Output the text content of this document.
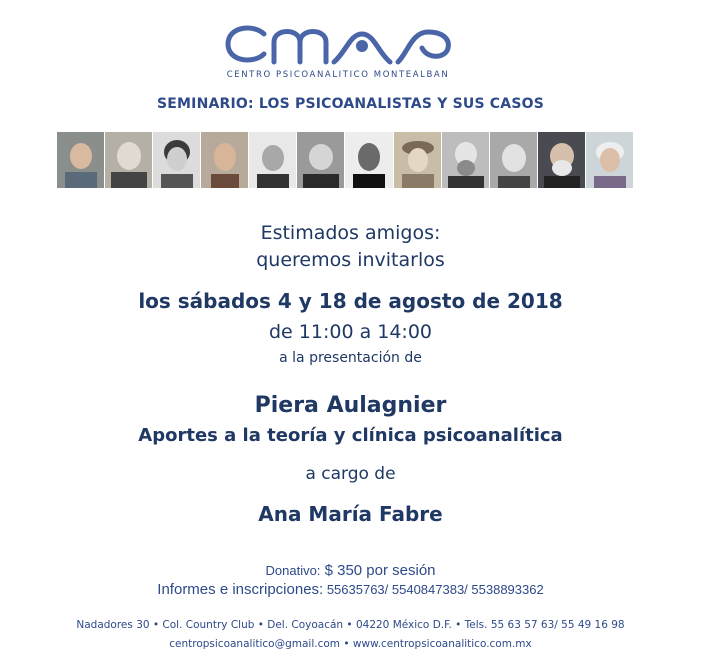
CENTRO PSICOANALITICO MONTEALBAN
SEMINARIO: LOS PSICOANALISTAS Y SUS CASOS
Estimados amigos:
queremos invitarlos
los sábados 4 y 18 de agosto de 2018
de 11:00 a 14:00
a la presentación de
Piera Aulagnier
Aportes a la teoría y clínica psicoanalítica
a cargo de
Ana María Fabre
Donativo: $ 350 por sesión
Informes e inscripciones: 55635763/ 5540847383/ 5538893362
Nadadores 30 • Col. Country Club • Del. Coyoacán • 04220 México D.F. • Tels. 55 63 57 63/ 55 49 16 98
centropsicoanalitico@gmail.com • www.centropsicoanalitico.com.mx
